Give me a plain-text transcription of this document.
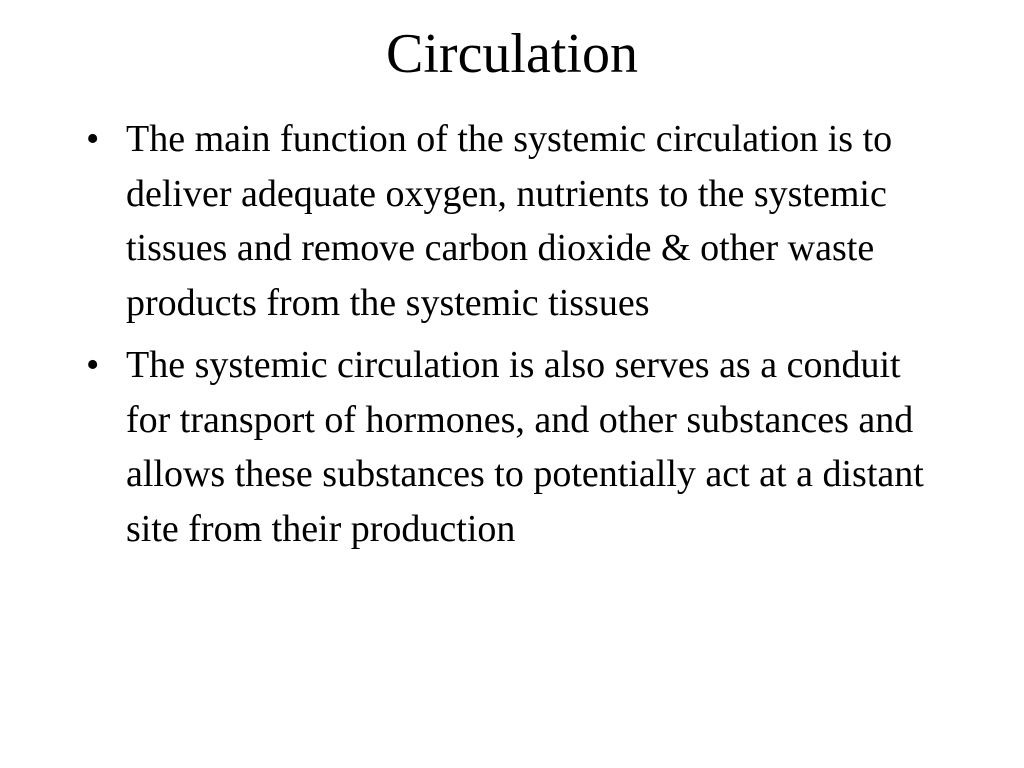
Circulation
• The main function of the systemic circulation is to deliver adequate oxygen, nutrients to the systemic tissues and remove carbon dioxide & other waste products from the systemic tissues
• The systemic circulation is also serves as a conduit for transport of hormones, and other substances and allows these substances to potentially act at a distant site from their production
